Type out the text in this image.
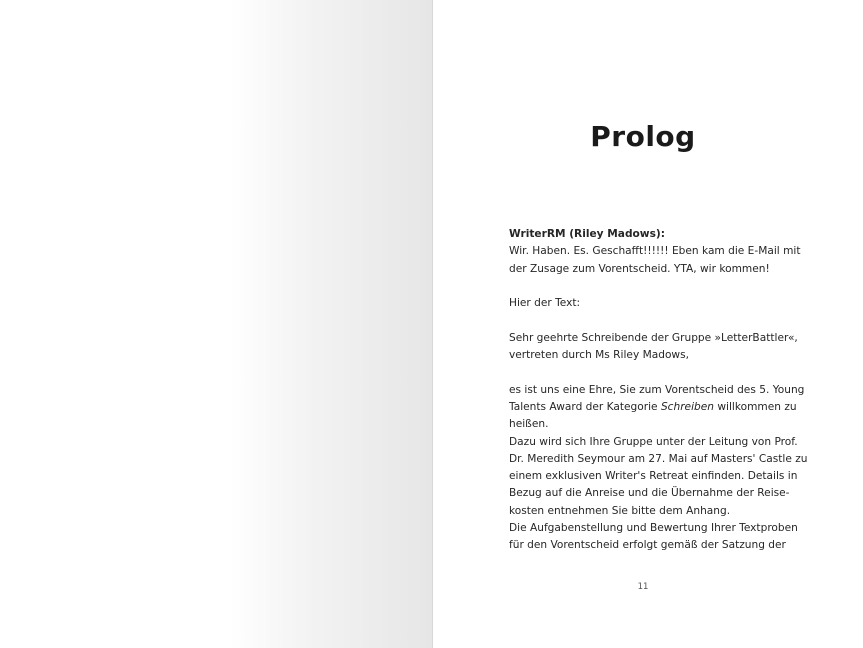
Prolog

WriterRM (Riley Madows):

Wir. Haben. Es. Geschafft!!!!!! Eben kam die E-Mail mit

der Zusage zum Vorentscheid. YTA, wir kommen!

Hier der Text:

Sehr geehrte Schreibende der Gruppe »LetterBattler«,

vertreten durch Ms Riley Madows,

es ist uns eine Ehre, Sie zum Vorentscheid des 5. Young

Talents Award der Kategorie Schreiben willkommen zu

heißen.

Dazu wird sich Ihre Gruppe unter der Leitung von Prof.

Dr. Meredith Seymour am 27. Mai auf Masters' Castle zu

einem exklusiven Writer's Retreat einfinden. Details in

Bezug auf die Anreise und die Übernahme der Reise-

kosten entnehmen Sie bitte dem Anhang.

Die Aufgabenstellung und Bewertung Ihrer Textproben

für den Vorentscheid erfolgt gemäß der Satzung der

11
